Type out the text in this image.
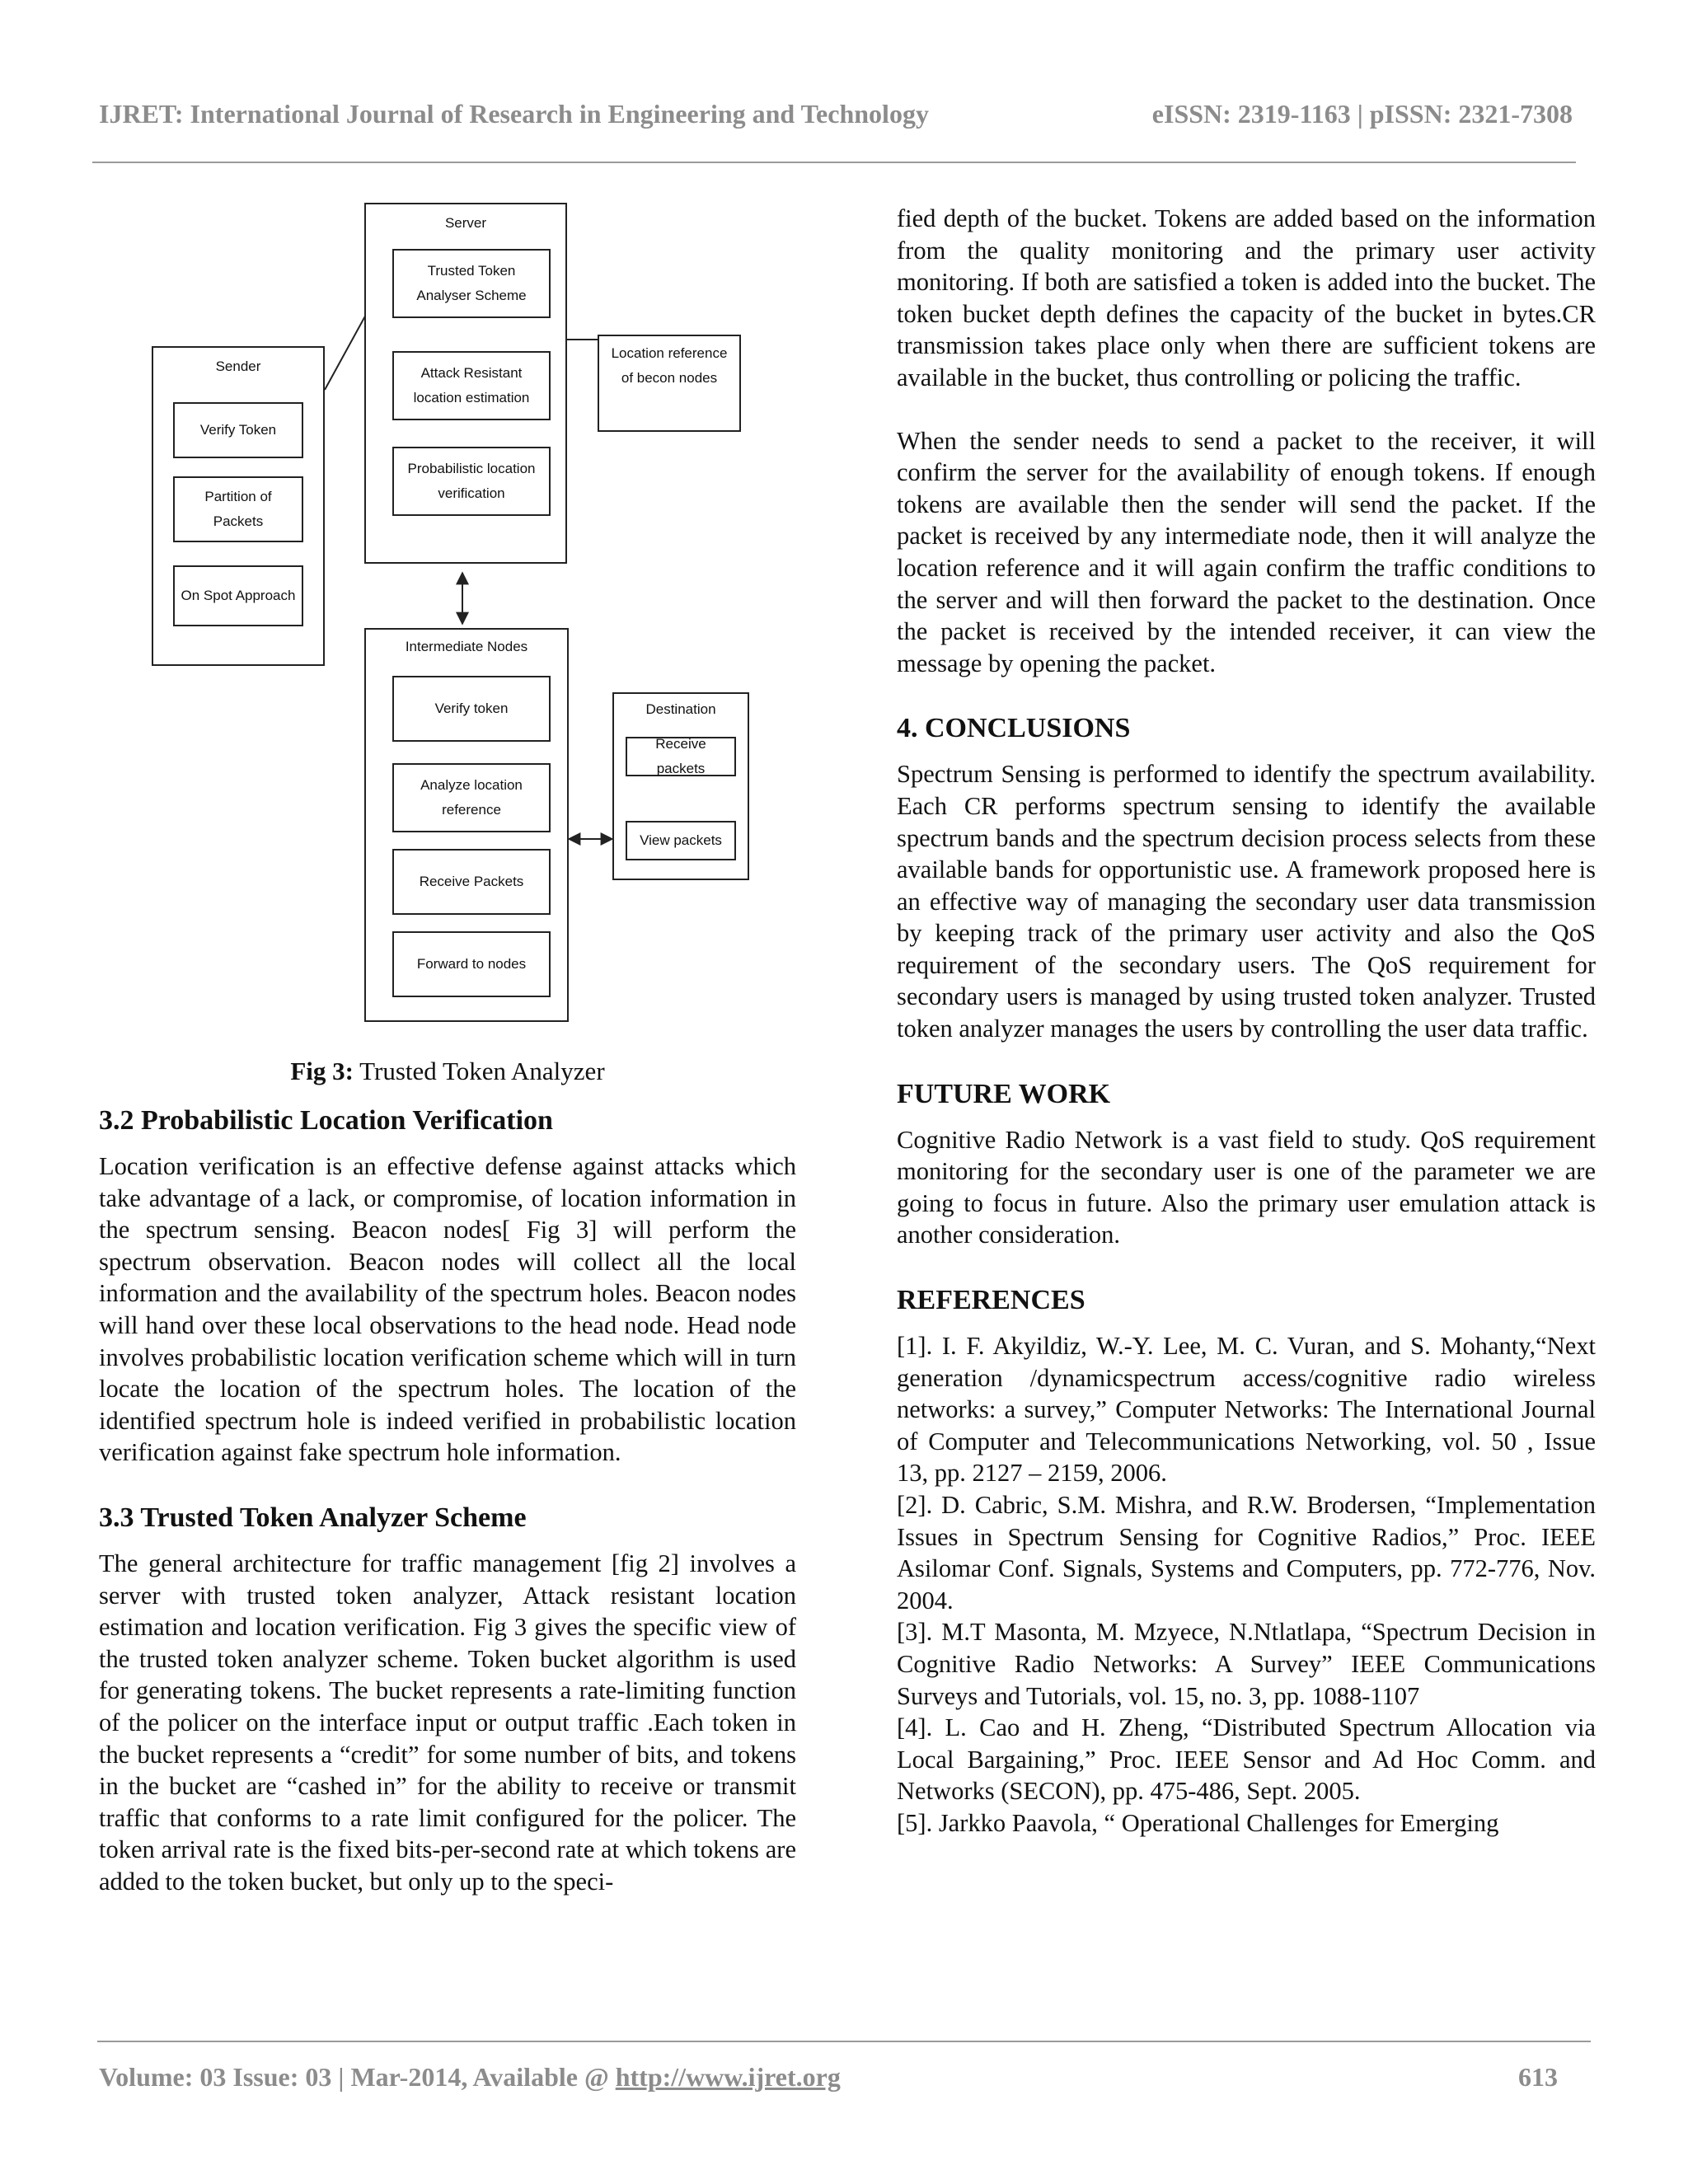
IJRET: International Journal of Research in Engineering and Technology	eISSN: 2319-1163 | pISSN: 2321-7308
Server
Trusted Token Analyser Scheme
Attack Resistant location estimation
Probabilistic location verification
Sender
Verify Token
Partition of Packets
On Spot Approach
Location reference of becon nodes
Intermediate Nodes
Verify token
Analyze location reference
Receive Packets
Forward to nodes
Destination
Receive packets
View packets
Fig 3: Trusted Token Analyzer

3.2 Probabilistic Location Verification

Location verification is an effective defense against attacks which take advantage of a lack, or compromise, of location information in the spectrum sensing. Beacon nodes[ Fig 3] will perform the spectrum observation. Beacon nodes will collect all the local information and the availability of the spectrum holes. Beacon nodes will hand over these local observations to the head node. Head node involves probabilistic location verification scheme which will in turn locate the location of the spectrum holes. The location of the identified spectrum hole is indeed verified in probabilistic location verification against fake spectrum hole information.

3.3 Trusted Token Analyzer Scheme

The general architecture for traffic management [fig 2] involves a server with trusted token analyzer, Attack resistant location estimation and location verification. Fig 3 gives the specific view of the trusted token analyzer scheme. Token bucket algorithm is used for generating tokens. The bucket represents a rate-limiting function of the policer on the interface input or output traffic .Each token in the bucket represents a “credit” for some number of bits, and tokens in the bucket are “cashed in” for the ability to receive or transmit traffic that conforms to a rate limit configured for the policer. The token arrival rate is the fixed bits-per-second rate at which tokens are added to the token bucket, but only up to the speci-

fied depth of the bucket. Tokens are added based on the information from the quality monitoring and the primary user activity monitoring. If both are satisfied a token is added into the bucket. The token bucket depth defines the capacity of the bucket in bytes.CR transmission takes place only when there are sufficient tokens are available in the bucket, thus controlling or policing the traffic.

When the sender needs to send a packet to the receiver, it will confirm the server for the availability of enough tokens. If enough tokens are available then the sender will send the packet. If the packet is received by any intermediate node, then it will analyze the location reference and it will again confirm the traffic conditions to the server and will then forward the packet to the destination. Once the packet is received by the intended receiver, it can view the message by opening the packet.

4. CONCLUSIONS

Spectrum Sensing is performed to identify the spectrum availability. Each CR performs spectrum sensing to identify the available spectrum bands and the spectrum decision process selects from these available bands for opportunistic use. A framework proposed here is an effective way of managing the secondary user data transmission by keeping track of the primary user activity and also the QoS requirement of the secondary users. The QoS requirement for secondary users is managed by using trusted token analyzer. Trusted token analyzer manages the users by controlling the user data traffic.

FUTURE WORK

Cognitive Radio Network is a vast field to study. QoS requirement monitoring for the secondary user is one of the parameter we are going to focus in future. Also the primary user emulation attack is another consideration.

REFERENCES

[1]. I. F. Akyildiz, W.-Y. Lee, M. C. Vuran, and S. Mohanty,“Next generation /dynamicspectrum access/cognitive radio wireless networks: a survey,” Computer Networks: The International Journal of Computer and Telecommunications Networking, vol. 50 , Issue 13, pp. 2127 – 2159, 2006.

[2]. D. Cabric, S.M. Mishra, and R.W. Brodersen, “Implementation Issues in Spectrum Sensing for Cognitive Radios,” Proc. IEEE Asilomar Conf. Signals, Systems and Computers, pp. 772-776, Nov. 2004.

[3]. M.T Masonta, M. Mzyece, N.Ntlatlapa, “Spectrum Decision in Cognitive Radio Networks: A Survey” IEEE Communications Surveys and Tutorials, vol. 15, no. 3, pp. 1088-1107

[4]. L. Cao and H. Zheng, “Distributed Spectrum Allocation via Local Bargaining,” Proc. IEEE Sensor and Ad Hoc Comm. and Networks (SECON), pp. 475-486, Sept. 2005.

[5]. Jarkko Paavola, “ Operational Challenges for Emerging

Volume: 03 Issue: 03 | Mar-2014, Available @ http://www.ijret.org	613
